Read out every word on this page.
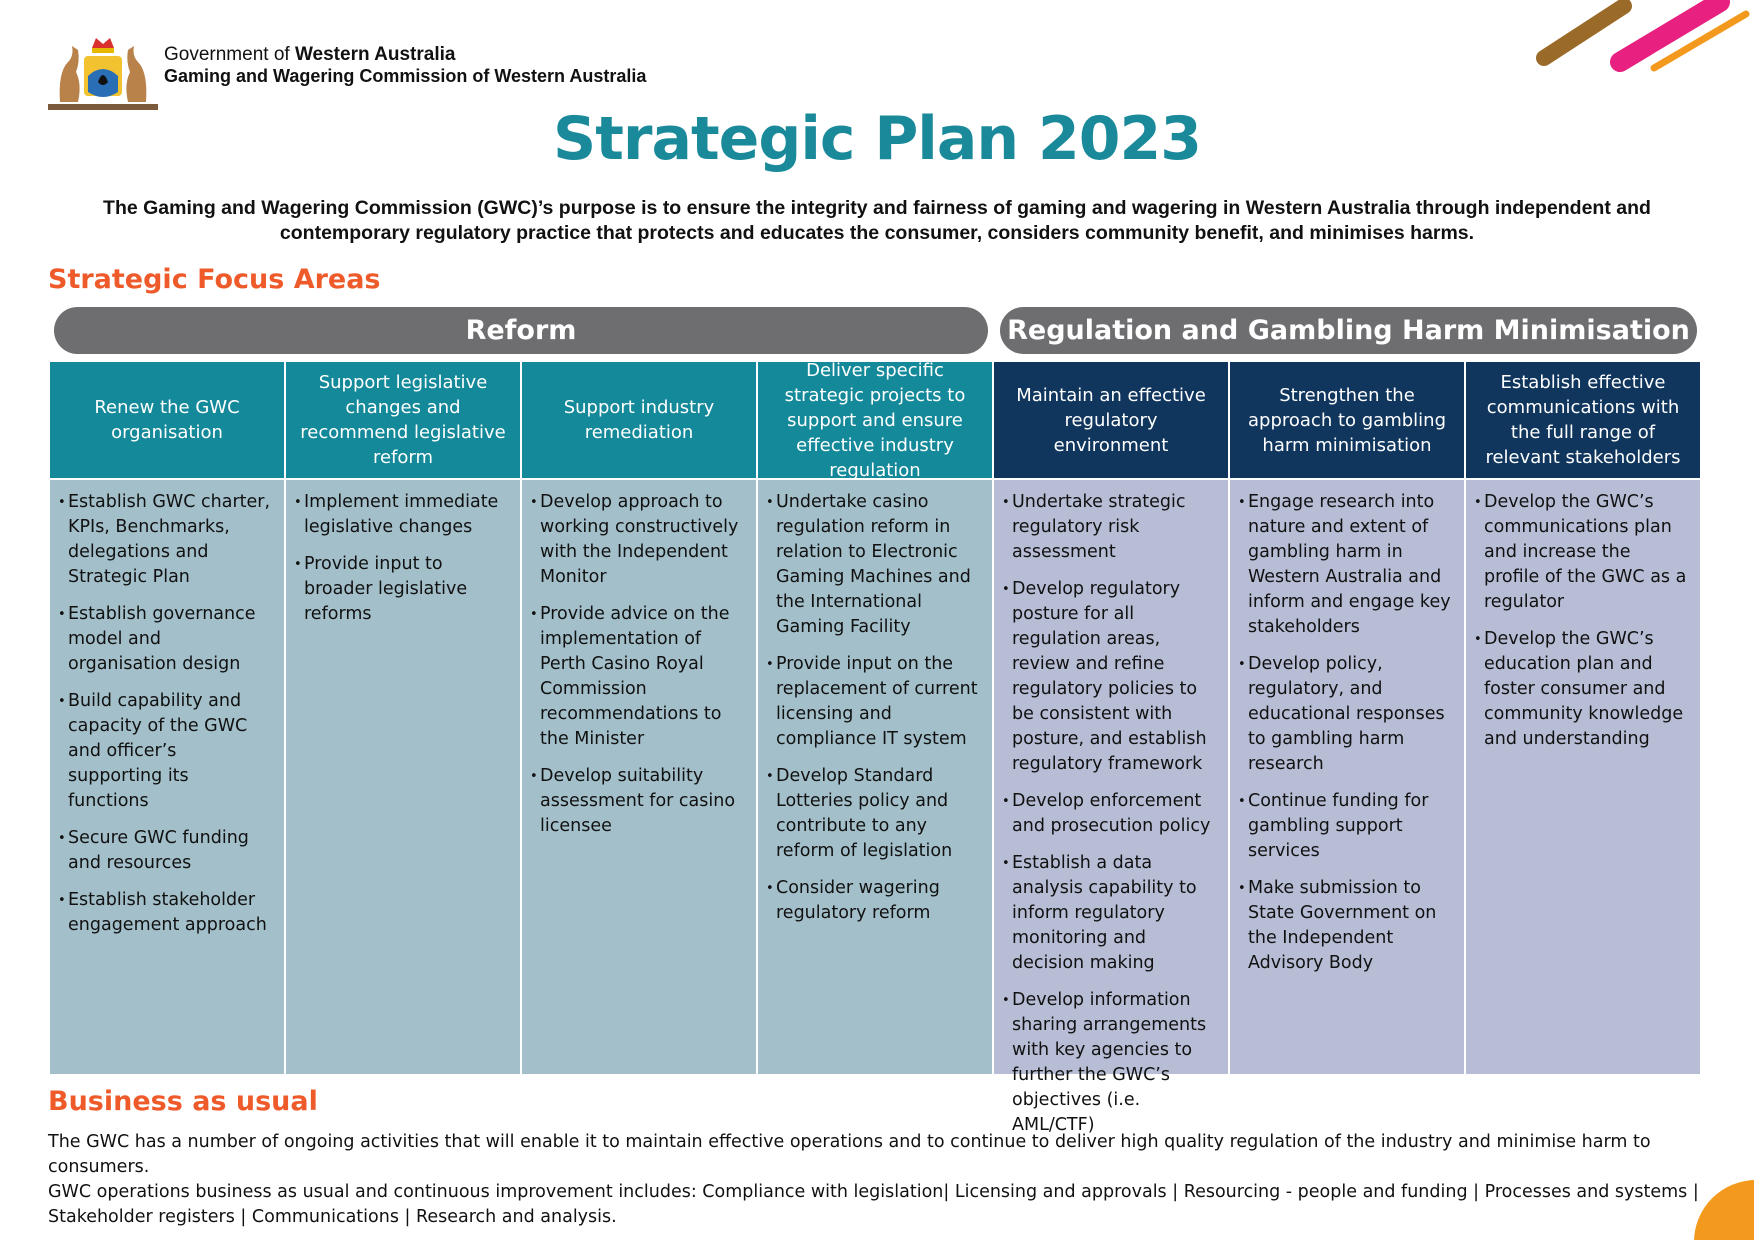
Government of Western Australia
Gaming and Wagering Commission of Western Australia
Strategic Plan 2023
The Gaming and Wagering Commission (GWC)’s purpose is to ensure the integrity and fairness of gaming and wagering in Western Australia through independent and contemporary regulatory practice that protects and educates the consumer, considers community benefit, and minimises harms.
Strategic Focus Areas
Reform	Regulation and Gambling Harm Minimisation
Renew the GWC organisation
• Establish GWC charter, KPIs, Benchmarks, delegations and Strategic Plan
• Establish governance model and organisation design
• Build capability and capacity of the GWC and officer’s supporting its functions
• Secure GWC funding and resources
• Establish stakeholder engagement approach
Support legislative changes and recommend legislative reform
• Implement immediate legislative changes
• Provide input to broader legislative reforms
Support industry remediation
• Develop approach to working constructively with the Independent Monitor
• Provide advice on the implementation of Perth Casino Royal Commission recommendations to the Minister
• Develop suitability assessment for casino licensee
Deliver specific strategic projects to support and ensure effective industry regulation
• Undertake casino regulation reform in relation to Electronic Gaming Machines and the International Gaming Facility
• Provide input on the replacement of current licensing and compliance IT system
• Develop Standard Lotteries policy and contribute to any reform of legislation
• Consider wagering regulatory reform
Maintain an effective regulatory environment
• Undertake strategic regulatory risk assessment
• Develop regulatory posture for all regulation areas, review and refine regulatory policies to be consistent with posture, and establish regulatory framework
• Develop enforcement and prosecution policy
• Establish a data analysis capability to inform regulatory monitoring and decision making
• Develop information sharing arrangements with key agencies to further the GWC’s objectives (i.e. AML/CTF)
Strengthen the approach to gambling harm minimisation
• Engage research into nature and extent of gambling harm in Western Australia and inform and engage key stakeholders
• Develop policy, regulatory, and educational responses to gambling harm research
• Continue funding for gambling support services
• Make submission to State Government on the Independent Advisory Body
Establish effective communications with the full range of relevant stakeholders
• Develop the GWC’s communications plan and increase the profile of the GWC as a regulator
• Develop the GWC’s education plan and foster consumer and community knowledge and understanding
Business as usual
The GWC has a number of ongoing activities that will enable it to maintain effective operations and to continue to deliver high quality regulation of the industry and minimise harm to consumers.
GWC operations business as usual and continuous improvement includes: Compliance with legislation| Licensing and approvals | Resourcing - people and funding | Processes and systems | Stakeholder registers | Communications | Research and analysis.
